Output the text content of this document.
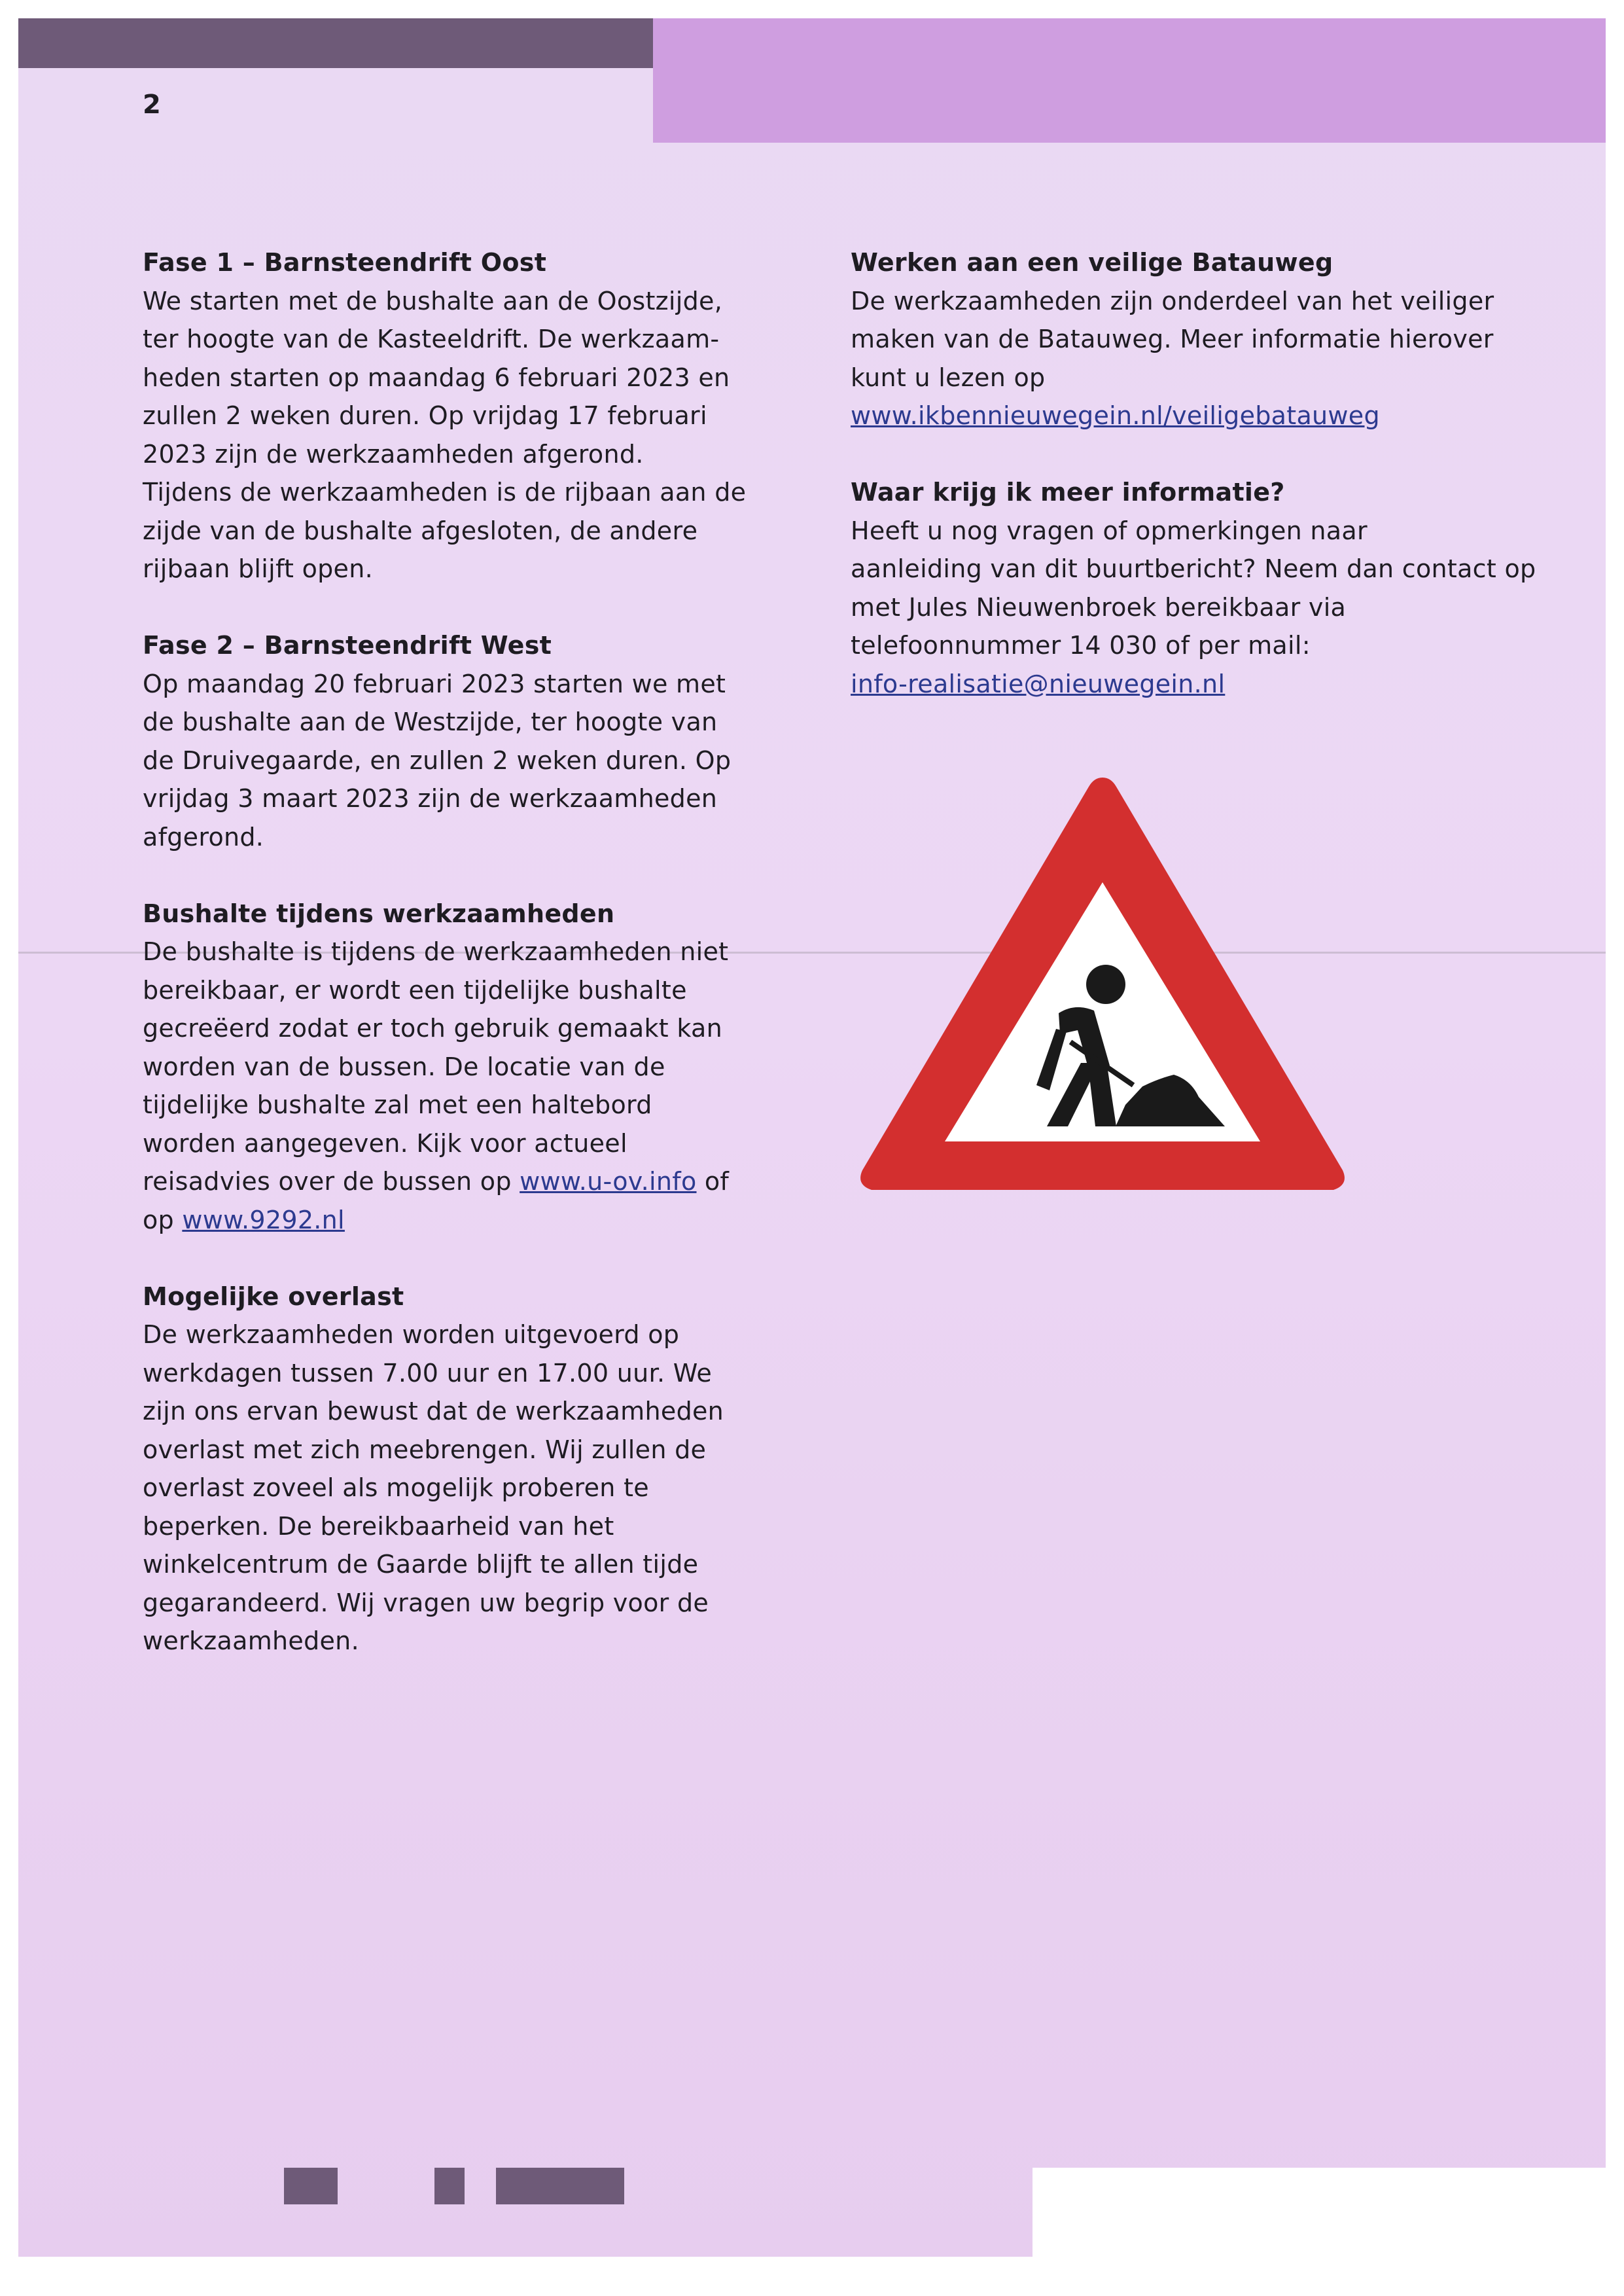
2
Fase 1 – Barnsteendrift Oost

We starten met de bushalte aan de Oostzijde,
ter hoogte van de Kasteeldrift. De werkzaam-
heden starten op maandag 6 februari 2023 en
zullen 2 weken duren. Op vrijdag 17 februari
2023 zijn de werkzaamheden afgerond.
Tijdens de werkzaamheden is de rijbaan aan de
zijde van de bushalte afgesloten, de andere
rijbaan blijft open.

Fase 2 – Barnsteendrift West

Op maandag 20 februari 2023 starten we met
de bushalte aan de Westzijde, ter hoogte van
de Druivegaarde, en zullen 2 weken duren. Op
vrijdag 3 maart 2023 zijn de werkzaamheden
afgerond.

Bushalte tijdens werkzaamheden

De bushalte is tijdens de werkzaamheden niet
bereikbaar, er wordt een tijdelijke bushalte
gecreëerd zodat er toch gebruik gemaakt kan
worden van de bussen. De locatie van de
tijdelijke bushalte zal met een haltebord
worden aangegeven. Kijk voor actueel
reisadvies over de bussen op www.u-ov.info of
op www.9292.nl

Mogelijke overlast

De werkzaamheden worden uitgevoerd op
werkdagen tussen 7.00 uur en 17.00 uur. We
zijn ons ervan bewust dat de werkzaamheden
overlast met zich meebrengen. Wij zullen de
overlast zoveel als mogelijk proberen te
beperken. De bereikbaarheid van het
winkelcentrum de Gaarde blijft te allen tijde
gegarandeerd. Wij vragen uw begrip voor de
werkzaamheden.

Werken aan een veilige Batauweg

De werkzaamheden zijn onderdeel van het veiliger
maken van de Batauweg. Meer informatie hierover
kunt u lezen op
www.ikbennieuwegein.nl/veiligebatauweg

Waar krijg ik meer informatie?

Heeft u nog vragen of opmerkingen naar
aanleiding van dit buurtbericht? Neem dan contact op
met Jules Nieuwenbroek bereikbaar via
telefoonnummer 14 030 of per mail:
info-realisatie@nieuwegein.nl
